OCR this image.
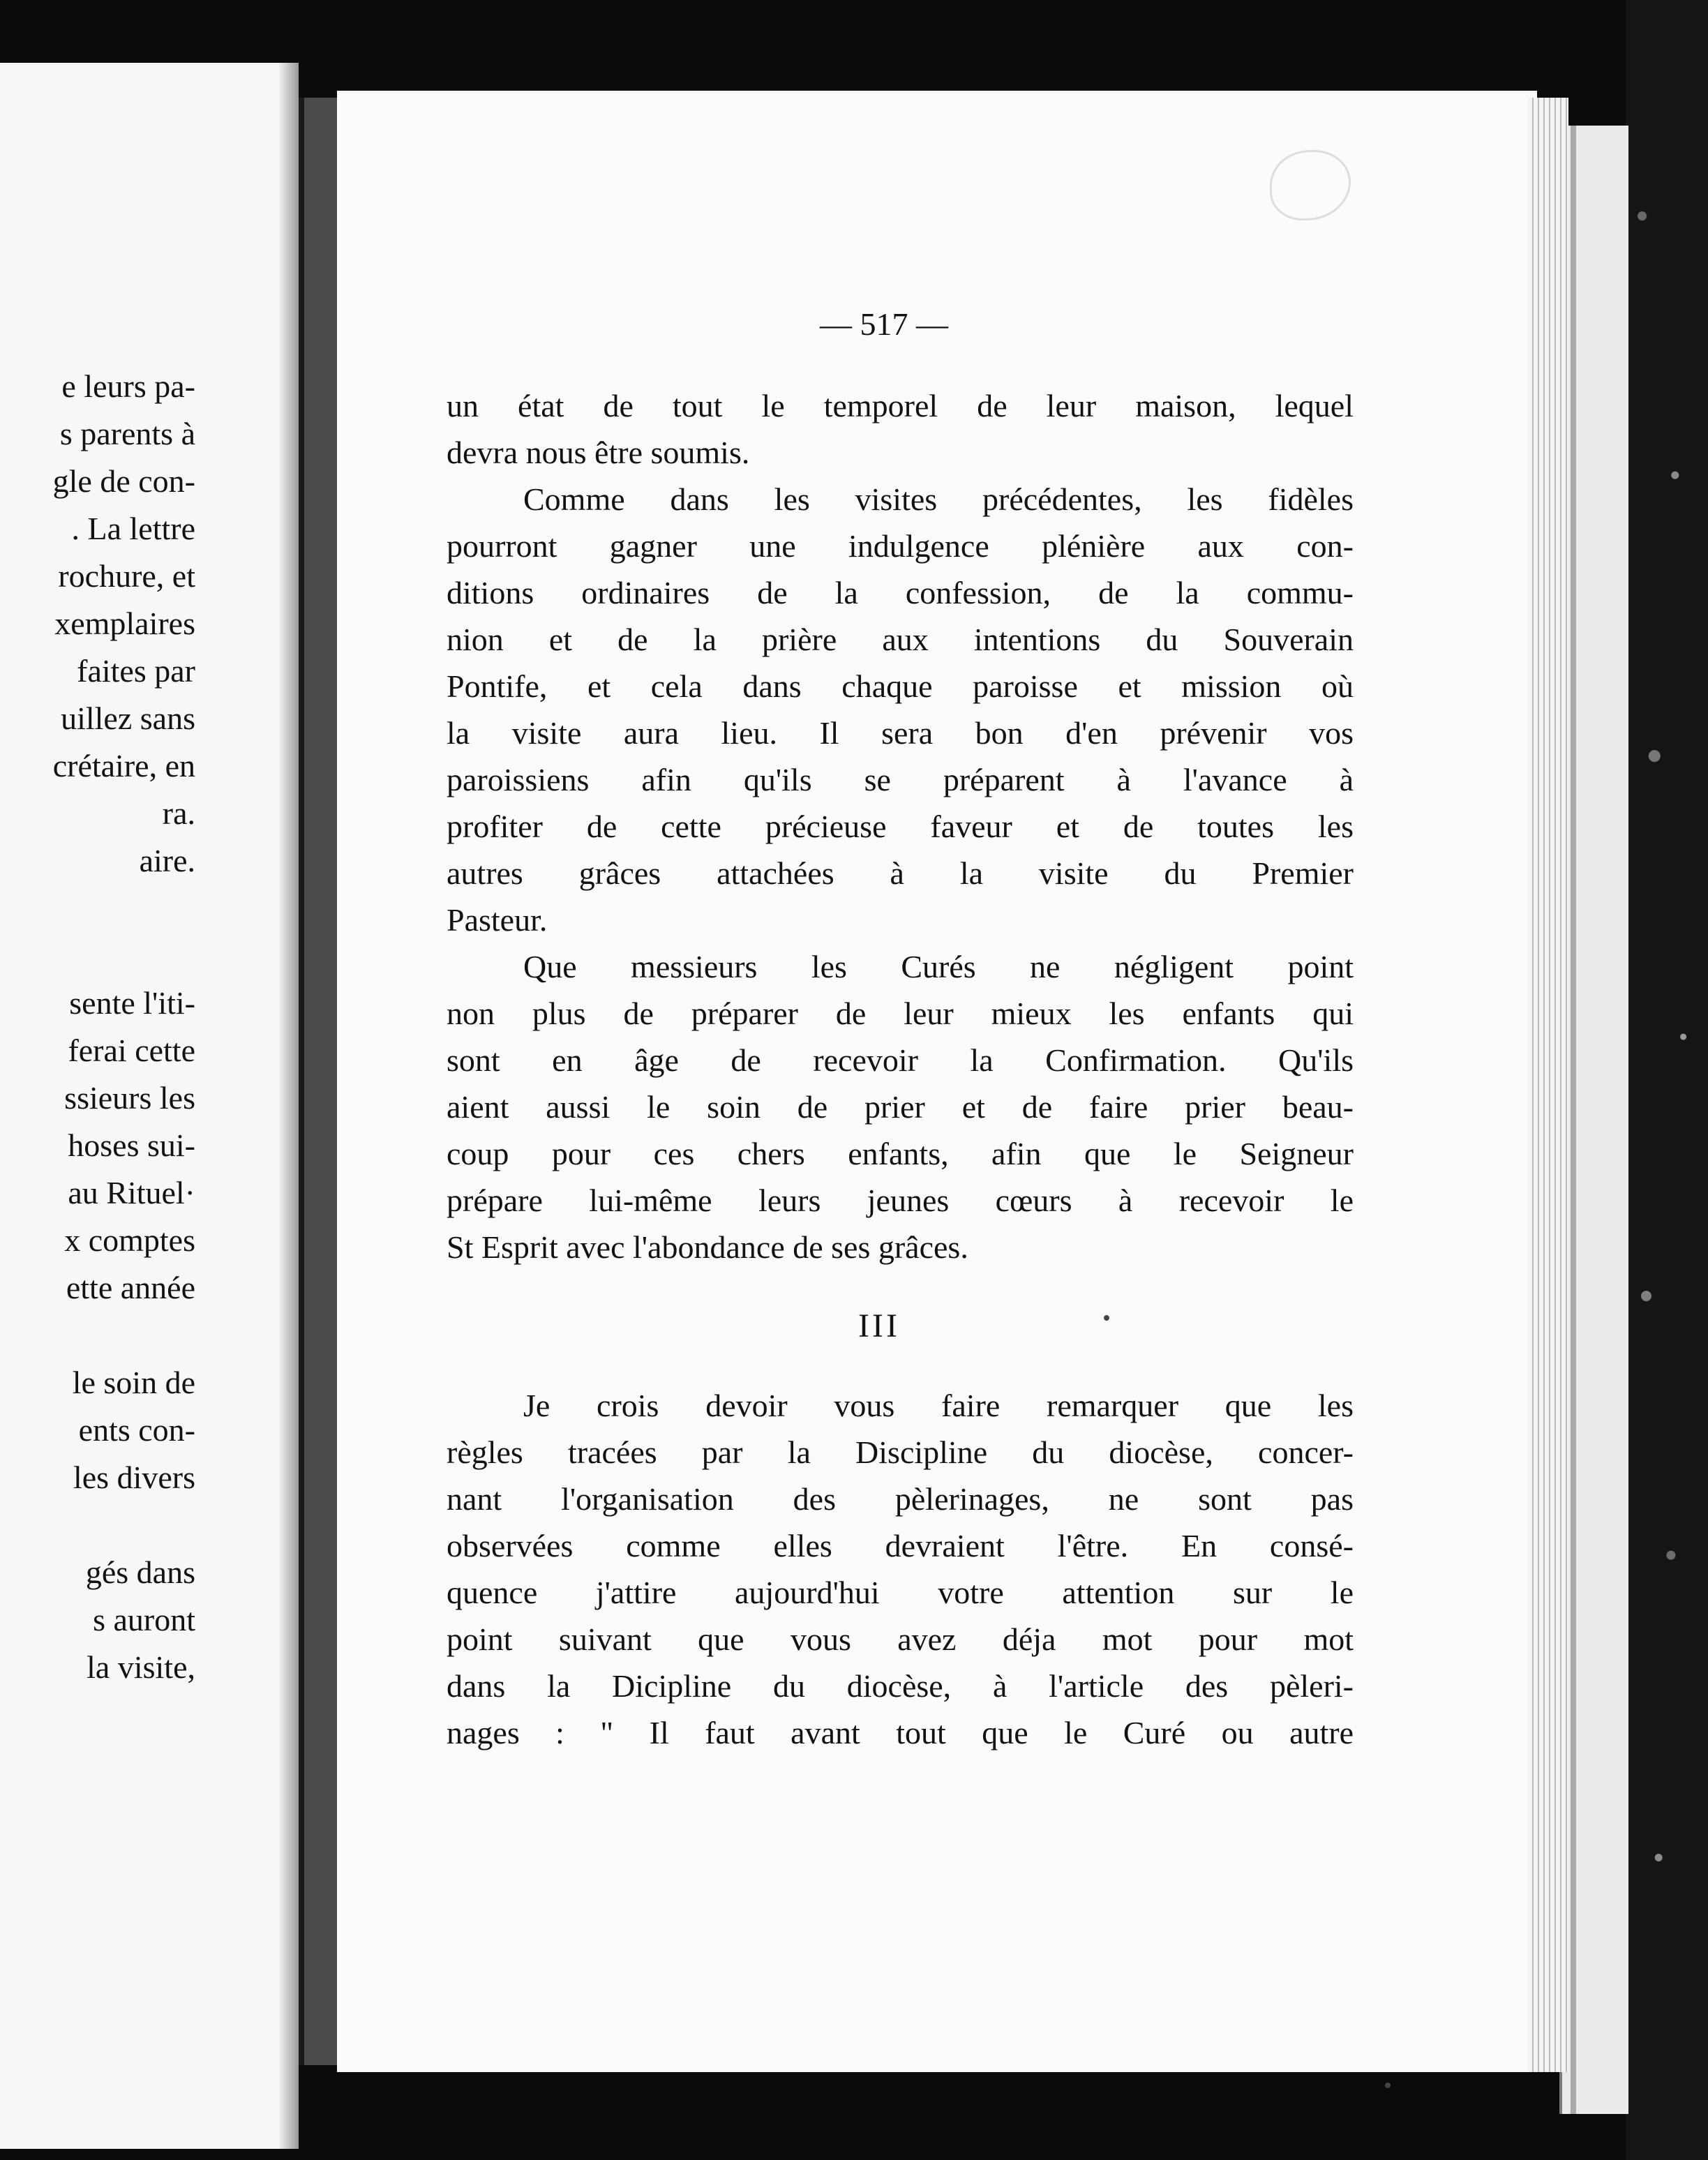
e leurs pa-
s parents à
gle de con-
. La lettre
rochure, et
xemplaires
faites par
uillez sans
crétaire, en
ra.
aire.
sente l'iti-
ferai cette
ssieurs les
hoses sui-
au Rituel·
x comptes
ette année
le soin de
ents con-
les divers
gés dans
s auront
la visite,
— 517 —
un état de tout le temporel de leur maison, lequel
devra nous être soumis.
Comme dans les visites précédentes, les fidèles
pourront gagner une indulgence plénière aux con-
ditions ordinaires de la confession, de la commu-
nion et de la prière aux intentions du Souverain
Pontife, et cela dans chaque paroisse et mission où
la visite aura lieu. Il sera bon d'en prévenir vos
paroissiens afin qu'ils se préparent à l'avance à
profiter de cette précieuse faveur et de toutes les
autres grâces attachées à la visite du Premier
Pasteur.
Que messieurs les Curés ne négligent point
non plus de préparer de leur mieux les enfants qui
sont en âge de recevoir la Confirmation. Qu'ils
aient aussi le soin de prier et de faire prier beau-
coup pour ces chers enfants, afin que le Seigneur
prépare lui-même leurs jeunes cœurs à recevoir le
St Esprit avec l'abondance de ses grâces.
III
Je crois devoir vous faire remarquer que les
règles tracées par la Discipline du diocèse, concer-
nant l'organisation des pèlerinages, ne sont pas
observées comme elles devraient l'être. En consé-
quence j'attire aujourd'hui votre attention sur le
point suivant que vous avez déja mot pour mot
dans la Dicipline du diocèse, à l'article des pèleri-
nages : " Il faut avant tout que le Curé ou autre
